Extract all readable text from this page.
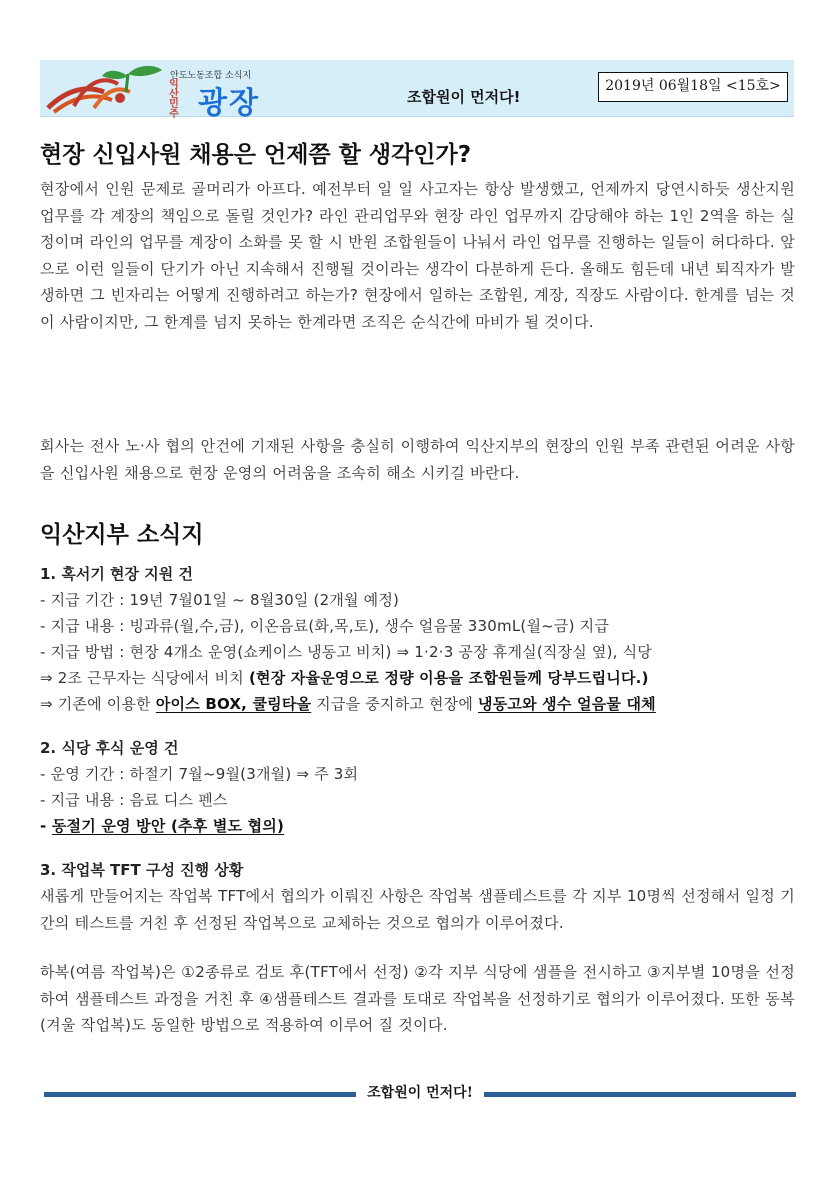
안도노동조합 소식지
익
산
민
주 광장	조합원이 먼저다!
2019년 06월18일 <15호>
현장 신입사원 채용은 언제쯤 할 생각인가?
현장에서 인원 문제로 골머리가 아프다. 예전부터 일 일 사고자는 항상 발생했고, 언제까지 당연시하듯 생산지원 업무를 각 계장의 책임으로 돌릴 것인가? 라인 관리업무와 현장 라인 업무까지 감당해야 하는 1인 2역을 하는 실정이며 라인의 업무를 계장이 소화를 못 할 시 반원 조합원들이 나눠서 라인 업무를 진행하는 일들이 허다하다. 앞으로 이런 일들이 단기가 아닌 지속해서 진행될 것이라는 생각이 다분하게 든다. 올해도 힘든데 내년 퇴직자가 발생하면 그 빈자리는 어떻게 진행하려고 하는가? 현장에서 일하는 조합원, 계장, 직장도 사람이다. 한계를 넘는 것이 사람이지만, 그 한계를 넘지 못하는 한계라면 조직은 순식간에 마비가 될 것이다.
회사는 전사 노·사 협의 안건에 기재된 사항을 충실히 이행하여 익산지부의 현장의 인원 부족 관련된 어려운 사항을 신입사원 채용으로 현장 운영의 어려움을 조속히 해소 시키길 바란다.
익산지부 소식지
1. 혹서기 현장 지원 건
- 지급 기간 : 19년 7월01일 ~ 8월30일 (2개월 예정)
- 지급 내용 : 빙과류(월,수,금), 이온음료(화,목,토), 생수 얼음물 330mL(월~금) 지급
- 지급 방법 : 현장 4개소 운영(쇼케이스 냉동고 비치) ⇒ 1·2·3 공장 휴게실(직장실 옆), 식당
⇒ 2조 근무자는 식당에서 비치 (현장 자율운영으로 정량 이용을 조합원들께 당부드립니다.)
⇒ 기존에 이용한 아이스 BOX, 쿨링타올 지급을 중지하고 현장에 냉동고와 생수 얼음물 대체
2. 식당 후식 운영 건
- 운영 기간 : 하절기 7월~9월(3개월) ⇒ 주 3회
- 지급 내용 : 음료 디스 펜스
- 동절기 운영 방안 (추후 별도 협의)
3. 작업복 TFT 구성 진행 상황
새롭게 만들어지는 작업복 TFT에서 협의가 이뤄진 사항은 작업복 샘플테스트를 각 지부 10명씩 선정해서 일정 기간의 테스트를 거친 후 선정된 작업복으로 교체하는 것으로 협의가 이루어졌다.
하복(여름 작업복)은 ①2종류로 검토 후(TFT에서 선정) ②각 지부 식당에 샘플을 전시하고 ③지부별 10명을 선정하여 샘플테스트 과정을 거친 후 ④샘플테스트 결과를 토대로 작업복을 선정하기로 협의가 이루어졌다. 또한 동복(겨울 작업복)도 동일한 방법으로 적용하여 이루어 질 것이다.
조합원이 먼저다!
